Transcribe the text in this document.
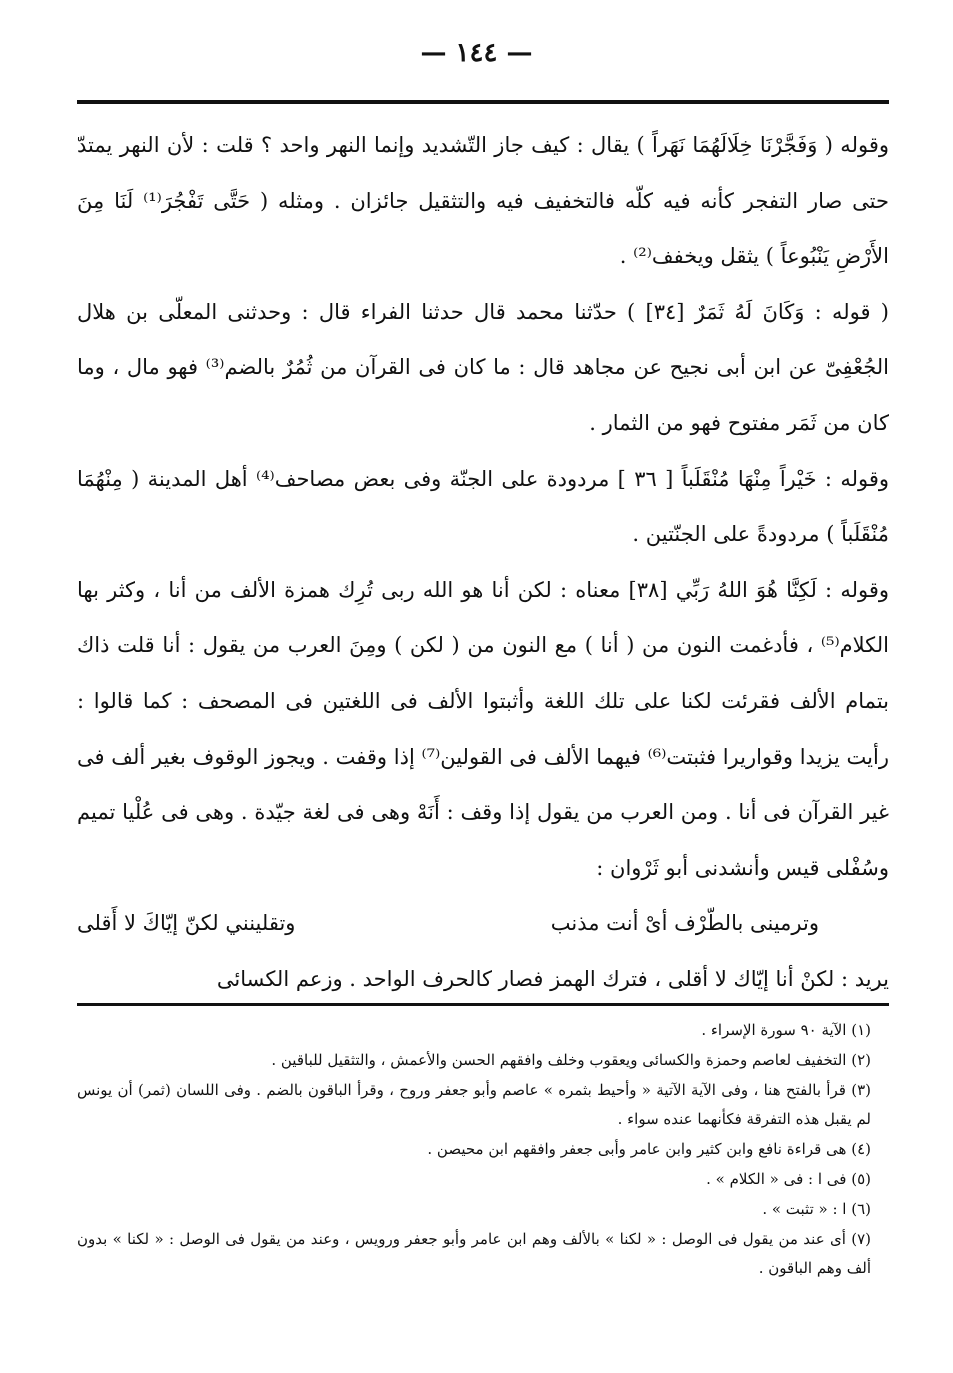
— ١٤٤ —

وقوله ( وَفَجَّرْنَا خِلَالَهُمَا نَهَراً ) يقال : كيف جاز التّشديد وإنما النهر واحد ؟ قلت : لأن النهر يمتدّ حتى صار التفجر كأنه فيه كلّه فالتخفيف فيه والتثقيل جائزان . ومثله ( حَتَّى تَفْجُرَ⁽¹⁾ لَنَا مِنَ الأَرْضِ يَنْبُوعاً ) يثقل ويخفف⁽²⁾ .

( قوله : وَكَانَ لَهُ ثَمَرٌ [٣٤] ) حدّثنا محمد قال حدثنا الفراء قال : وحدثنى المعلّى بن هلال الجُعْفِىّ عن ابن أبى نجيح عن مجاهد قال : ما كان فى القرآن من ثُمُرٌ بالضم⁽³⁾ فهو مال ، وما كان من ثَمَر مفتوح فهو من الثمار .

وقوله : خَيْراً مِنْهَا مُنْقَلَباً [ ٣٦ ] مردودة على الجنّة وفى بعض مصاحف⁽⁴⁾ أهل المدينة ( مِنْهُمَا مُنْقَلَباً ) مردودةً على الجنّتين .

وقوله : لَكِنَّا هُوَ اللهُ رَبِّي [٣٨] معناه : لكن أنا هو الله ربى تُرِك همزة الألف من أنا ، وكثر بها الكلام⁽⁵⁾ ، فأدغمت النون من ( أنا ) مع النون من ( لكن ) ومِنَ العرب من يقول : أنا قلت ذاك بتمام الألف فقرئت لكنا على تلك اللغة وأثبتوا الألف فى اللغتين فى المصحف : كما قالوا : رأيت يزيدا وقواريرا فثبتت⁽⁶⁾ فيهما الألف فى القولين⁽⁷⁾ إذا وقفت . ويجوز الوقوف بغير ألف فى غير القرآن فى أنا . ومن العرب من يقول إذا وقف : أَنَهْ وهى فى لغة جيّدة . وهى فى عُلْيا تميم وسُفْلى قيس وأنشدنى أبو ثَرْوان :

وترمينى بالطّرْف أىْ أنت مذنب
وتقلينني لكنّ إيّاكَ لا أَقلى

يريد : لكنْ أنا إيّاك لا أقلى ، فترك الهمز فصار كالحرف الواحد . وزعم الكسائى

(١) الآية ٩٠ سورة الإسراء .

(٢) التخفيف لعاصم وحمزة والكسائى ويعقوب وخلف وافقهم الحسن والأعمش ، والتثقيل للباقين .

(٣) قرأ بالفتح هنا ، وفى الآية الآتية « وأحيط بثمره » عاصم وأبو جعفر وروح ، وقرأ الباقون بالضم . وفى اللسان (ثمر) أن يونس لم يقبل هذه التفرقة فكأنهما عنده سواء .

(٤) هى قراءة نافع وابن كثير وابن عامر وأبى جعفر وافقهم ابن محيصن .

(٥) فى ا : فى « الكلام » .

(٦) ا : « تثبت » .

(٧) أى عند من يقول فى الوصل : « لكنا » بالألف وهم ابن عامر وأبو جعفر ورويس ، وعند من يقول فى الوصل : « لكنا » بدون ألف وهم الباقون .
